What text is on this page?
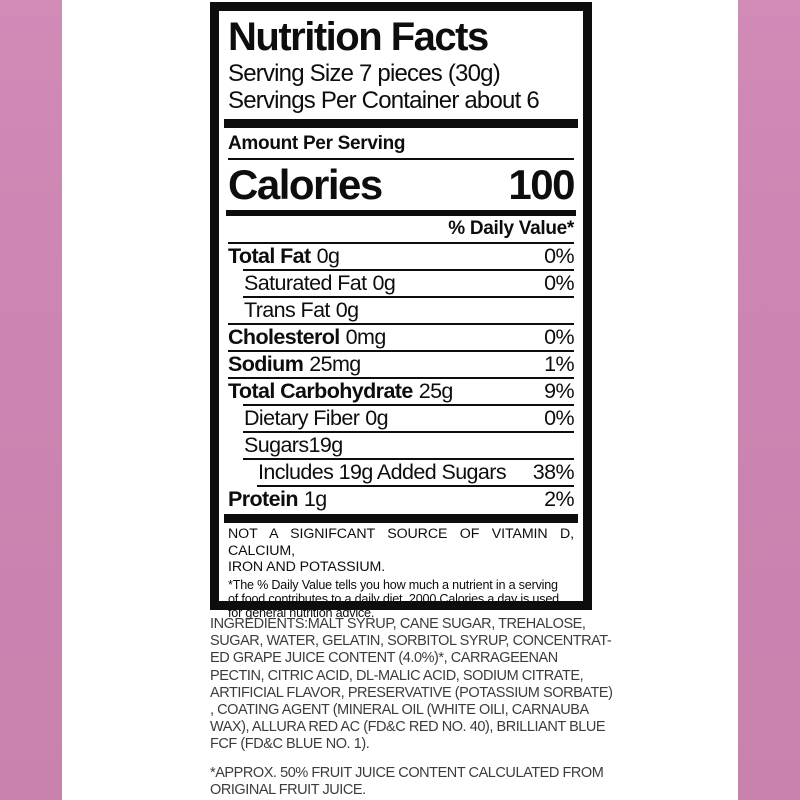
Nutrition Facts
Serving Size 7 pieces (30g)
Servings Per Container about 6
Amount Per Serving
Calories	100
% Daily Value*
Total Fat 0g	0%
Saturated Fat 0g	0%
Trans Fat 0g
Cholesterol 0mg	0%
Sodium 25mg	1%
Total Carbohydrate 25g	9%
Dietary Fiber 0g	0%
Sugars19g
Includes 19g Added Sugars 38%
Protein 1g	2%
NOT A SIGNIFCANT SOURCE OF VITAMIN D, CALCIUM,
IRON AND POTASSIUM.
*The % Daily Value tells you how much a nutrient in a serving
of food contributes to a daily diet. 2000 Calories a day is used
for general nutrition advice.
INGREDIENTS:MALT SYRUP, CANE SUGAR, TREHALOSE,
SUGAR, WATER, GELATIN, SORBITOL SYRUP, CONCENTRAT-
ED GRAPE JUICE CONTENT (4.0%)*, CARRAGEENAN
PECTIN, CITRIC ACID, DL-MALIC ACID, SODIUM CITRATE,
ARTIFICIAL FLAVOR, PRESERVATIVE (POTASSIUM SORBATE)
, COATING AGENT (MINERAL OIL (WHITE OILI, CARNAUBA
WAX), ALLURA RED AC (FD&C RED NO. 40), BRILLIANT BLUE
FCF (FD&C BLUE NO. 1).
*APPROX. 50% FRUIT JUICE CONTENT CALCULATED FROM
ORIGINAL FRUIT JUICE.
